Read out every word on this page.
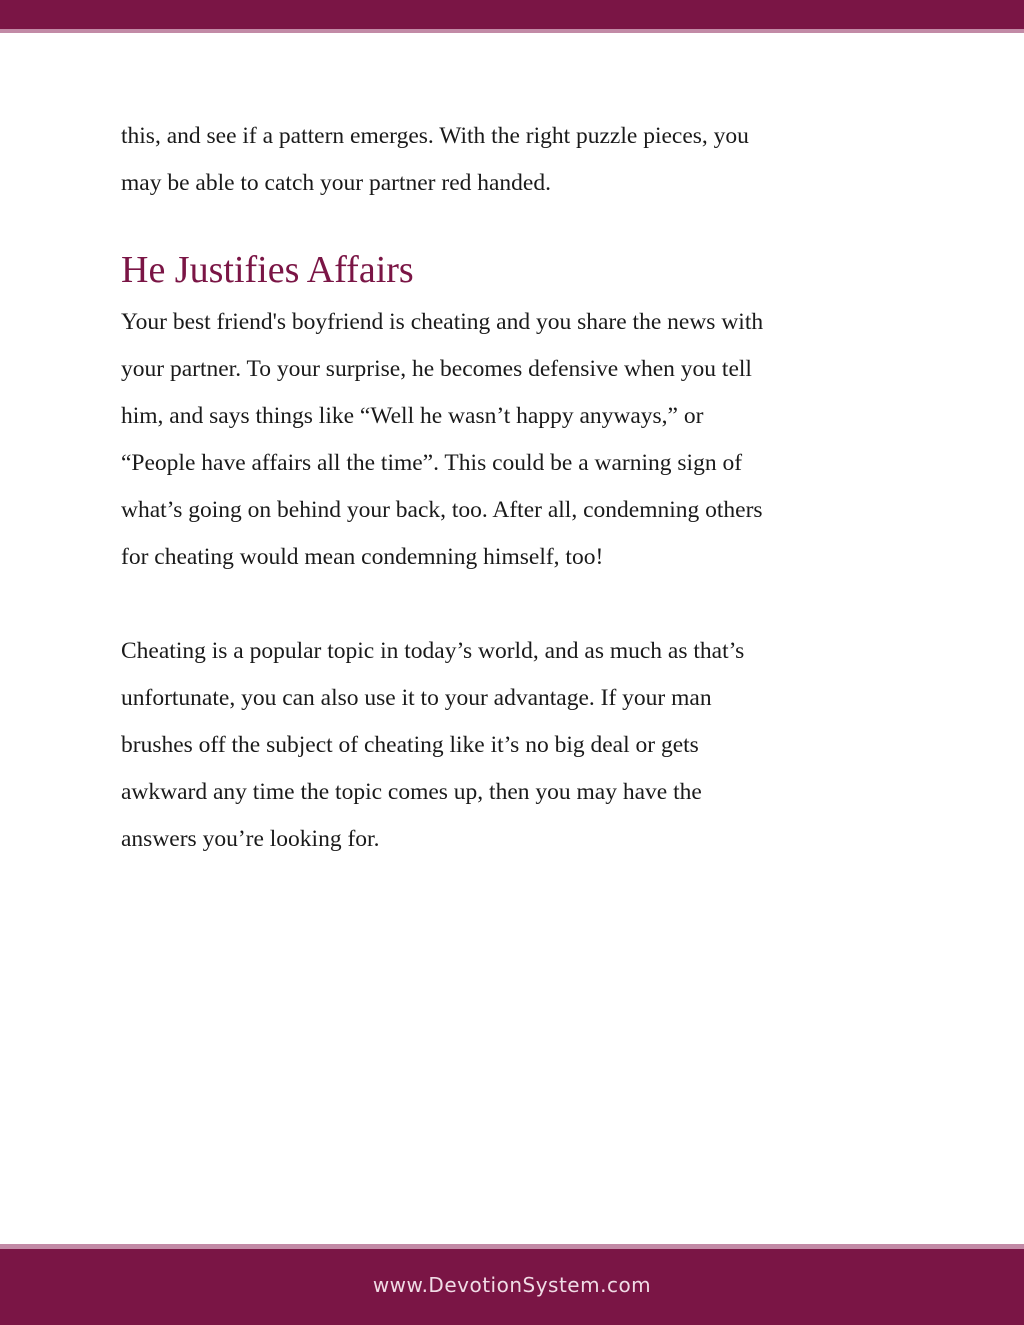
this, and see if a pattern emerges. With the right puzzle pieces, you
may be able to catch your partner red handed.

He Justifies Affairs

Your best friend's boyfriend is cheating and you share the news with
your partner. To your surprise, he becomes defensive when you tell
him, and says things like “Well he wasn’t happy anyways,” or
“People have affairs all the time”. This could be a warning sign of
what’s going on behind your back, too. After all, condemning others
for cheating would mean condemning himself, too!

Cheating is a popular topic in today’s world, and as much as that’s
unfortunate, you can also use it to your advantage. If your man
brushes off the subject of cheating like it’s no big deal or gets
awkward any time the topic comes up, then you may have the
answers you’re looking for.

www.DevotionSystem.com
